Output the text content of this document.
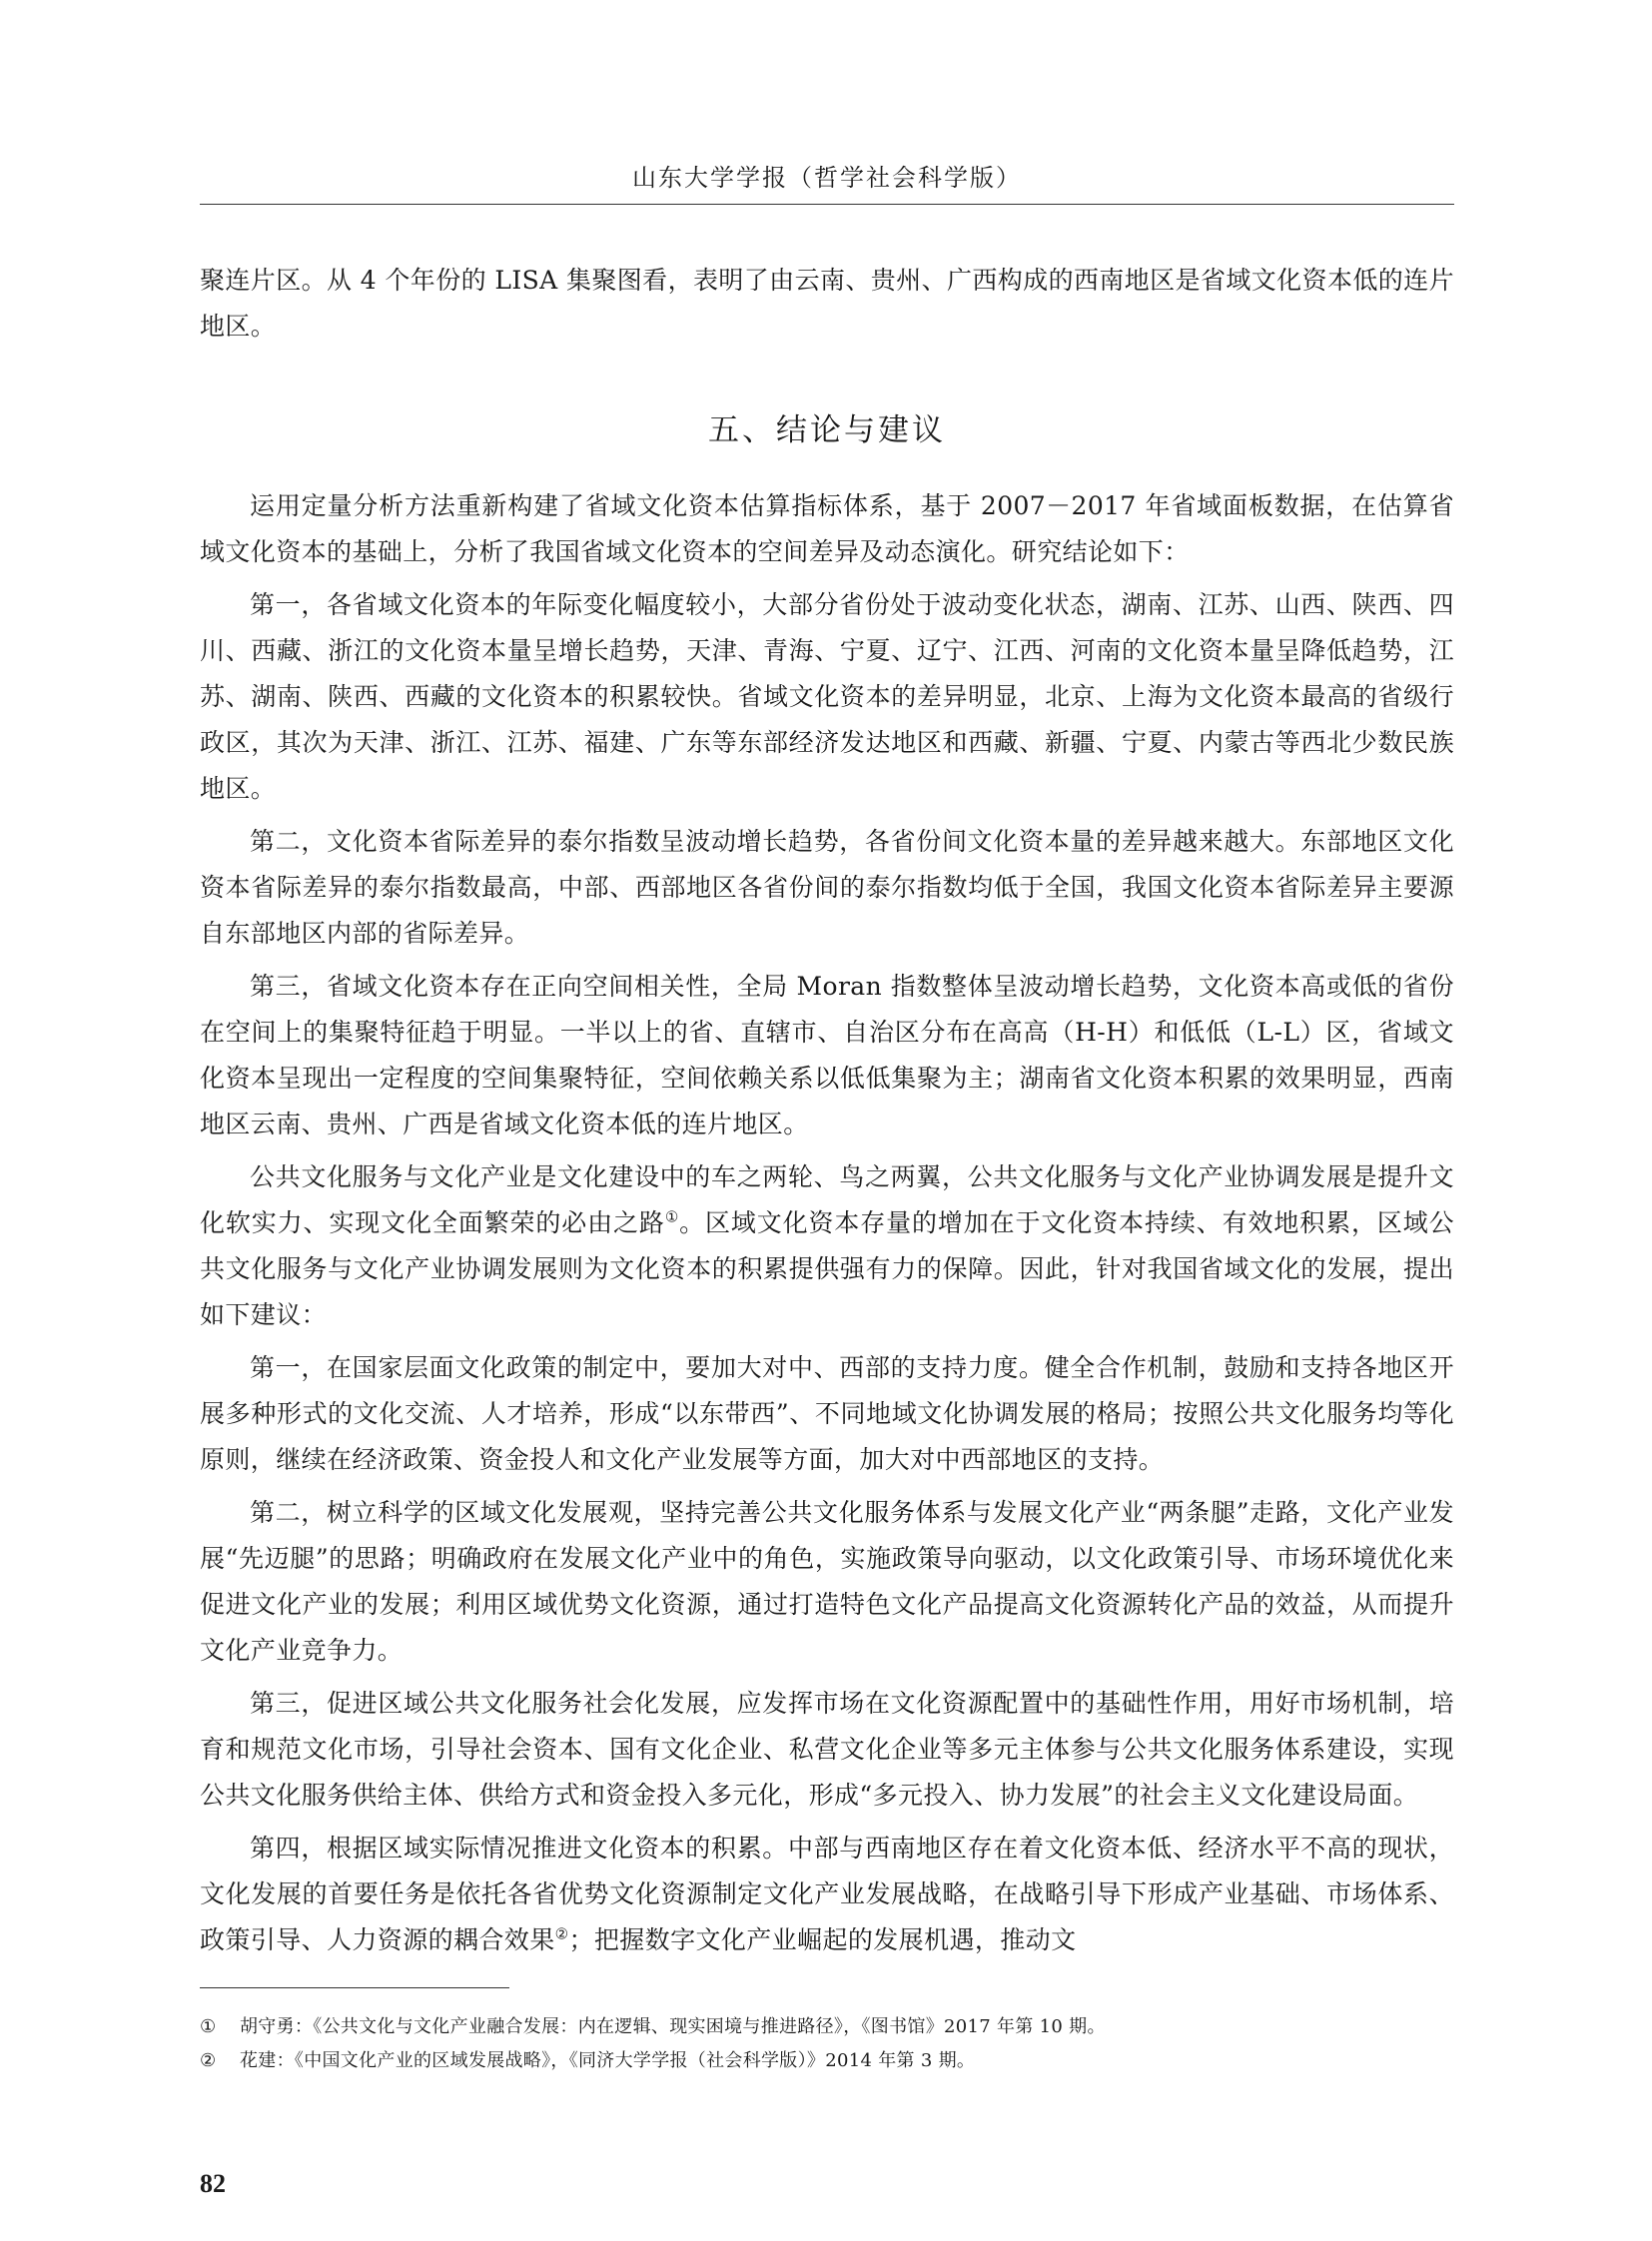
山东大学学报（哲学社会科学版）

聚连片区。从 4 个年份的 LISA 集聚图看，表明了由云南、贵州、广西构成的西南地区是省域文化资本低的连片地区。

五、结论与建议

运用定量分析方法重新构建了省域文化资本估算指标体系，基于 2007－2017 年省域面板数据，在估算省域文化资本的基础上，分析了我国省域文化资本的空间差异及动态演化。研究结论如下：

第一，各省域文化资本的年际变化幅度较小，大部分省份处于波动变化状态，湖南、江苏、山西、陕西、四川、西藏、浙江的文化资本量呈增长趋势，天津、青海、宁夏、辽宁、江西、河南的文化资本量呈降低趋势，江苏、湖南、陕西、西藏的文化资本的积累较快。省域文化资本的差异明显，北京、上海为文化资本最高的省级行政区，其次为天津、浙江、江苏、福建、广东等东部经济发达地区和西藏、新疆、宁夏、内蒙古等西北少数民族地区。

第二，文化资本省际差异的泰尔指数呈波动增长趋势，各省份间文化资本量的差异越来越大。东部地区文化资本省际差异的泰尔指数最高，中部、西部地区各省份间的泰尔指数均低于全国，我国文化资本省际差异主要源自东部地区内部的省际差异。

第三，省域文化资本存在正向空间相关性，全局 Moran 指数整体呈波动增长趋势，文化资本高或低的省份在空间上的集聚特征趋于明显。一半以上的省、直辖市、自治区分布在高高（H-H）和低低（L-L）区，省域文化资本呈现出一定程度的空间集聚特征，空间依赖关系以低低集聚为主；湖南省文化资本积累的效果明显，西南地区云南、贵州、广西是省域文化资本低的连片地区。

公共文化服务与文化产业是文化建设中的车之两轮、鸟之两翼，公共文化服务与文化产业协调发展是提升文化软实力、实现文化全面繁荣的必由之路①。区域文化资本存量的增加在于文化资本持续、有效地积累，区域公共文化服务与文化产业协调发展则为文化资本的积累提供强有力的保障。因此，针对我国省域文化的发展，提出如下建议：

第一，在国家层面文化政策的制定中，要加大对中、西部的支持力度。健全合作机制，鼓励和支持各地区开展多种形式的文化交流、人才培养，形成“以东带西”、不同地域文化协调发展的格局；按照公共文化服务均等化原则，继续在经济政策、资金投人和文化产业发展等方面，加大对中西部地区的支持。

第二，树立科学的区域文化发展观，坚持完善公共文化服务体系与发展文化产业“两条腿”走路，文化产业发展“先迈腿”的思路；明确政府在发展文化产业中的角色，实施政策导向驱动，以文化政策引导、市场环境优化来促进文化产业的发展；利用区域优势文化资源，通过打造特色文化产品提高文化资源转化产品的效益，从而提升文化产业竞争力。

第三，促进区域公共文化服务社会化发展，应发挥市场在文化资源配置中的基础性作用，用好市场机制，培育和规范文化市场，引导社会资本、国有文化企业、私营文化企业等多元主体参与公共文化服务体系建设，实现公共文化服务供给主体、供给方式和资金投入多元化，形成“多元投入、协力发展”的社会主义文化建设局面。

第四，根据区域实际情况推进文化资本的积累。中部与西南地区存在着文化资本低、经济水平不高的现状，文化发展的首要任务是依托各省优势文化资源制定文化产业发展战略，在战略引导下形成产业基础、市场体系、政策引导、人力资源的耦合效果②；把握数字文化产业崛起的发展机遇，推动文

① 胡守勇：《公共文化与文化产业融合发展：内在逻辑、现实困境与推进路径》，《图书馆》2017 年第 10 期。

② 花建：《中国文化产业的区域发展战略》，《同济大学学报（社会科学版）》2014 年第 3 期。

82
